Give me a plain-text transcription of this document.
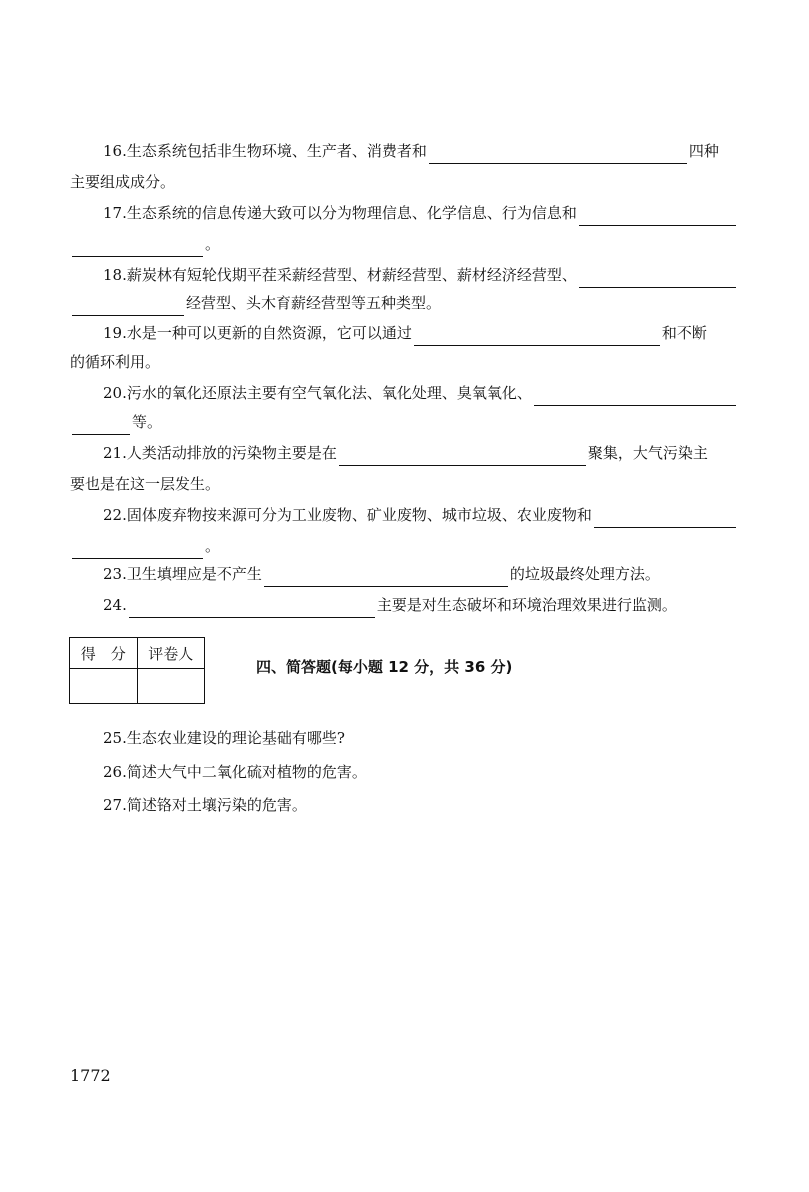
16.生态系统包括非生物环境、生产者、消费者和	四种
主要组成成分。
17.生态系统的信息传递大致可以分为物理信息、化学信息、行为信息和
。
18.薪炭林有短轮伐期平茬采薪经营型、材薪经营型、薪材经济经营型、
经营型、头木育薪经营型等五种类型。
19.水是一种可以更新的自然资源，它可以通过	和不断
的循环利用。
20.污水的氧化还原法主要有空气氧化法、氧化处理、臭氧氧化、
等。
21.人类活动排放的污染物主要是在	聚集，大气污染主
要也是在这一层发生。
22.固体废弃物按来源可分为工业废物、矿业废物、城市垃圾、农业废物和
。
23.卫生填埋应是不产生	的垃圾最终处理方法。
24.	主要是对生态破坏和环境治理效果进行监测。
得　分	评卷人

四、简答题(每小题 12 分，共 36 分)
25.生态农业建设的理论基础有哪些?
26.简述大气中二氧化硫对植物的危害。
27.简述铬对土壤污染的危害。
1772
